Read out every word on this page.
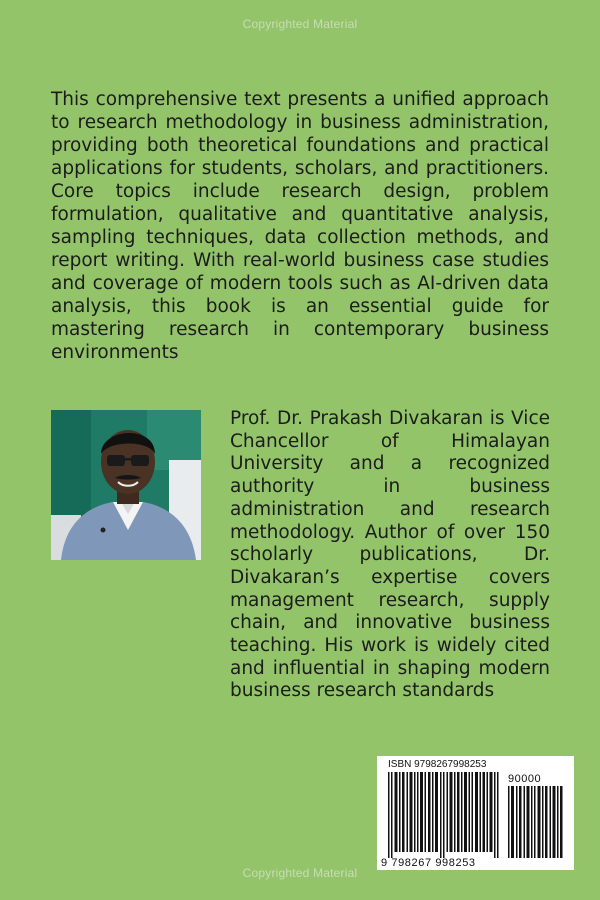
Copyrighted Material

This comprehensive text presents a unified approach to research methodology in business administration, providing both theoretical foundations and practical applications for students, scholars, and practitioners. Core topics include research design, problem formulation, qualitative and quantitative analysis, sampling techniques, data collection methods, and report writing. With real-world business case studies and coverage of modern tools such as AI-driven data analysis, this book is an essential guide for mastering research in contemporary business environments

Prof. Dr. Prakash Divakaran is Vice Chancellor of Himalayan University and a recognized authority in business administration and research methodology. Author of over 150 scholarly publications, Dr. Divakaran’s expertise covers management research, supply chain, and innovative business teaching. His work is widely cited and influential in shaping modern business research standards

ISBN 9798267998253
90000
9 798267 998253
Copyrighted Material
